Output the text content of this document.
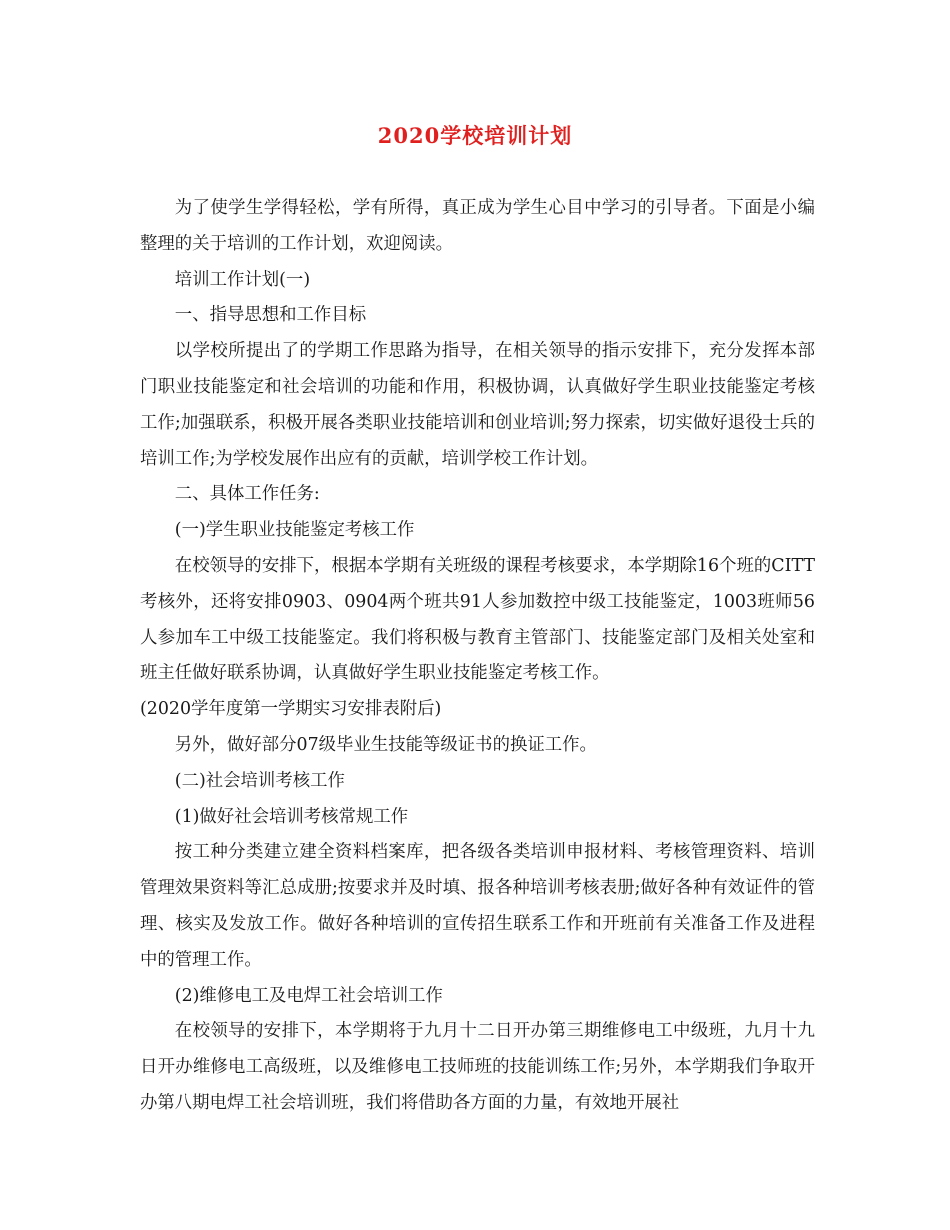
2020学校培训计划

为了使学生学得轻松，学有所得，真正成为学生心目中学习的引导者。下面是小编整理的关于培训的工作计划，欢迎阅读。

培训工作计划(一)

一、指导思想和工作目标

以学校所提出了的学期工作思路为指导，在相关领导的指示安排下，充分发挥本部门职业技能鉴定和社会培训的功能和作用，积极协调，认真做好学生职业技能鉴定考核工作;加强联系，积极开展各类职业技能培训和创业培训;努力探索，切实做好退役士兵的培训工作;为学校发展作出应有的贡献，培训学校工作计划。

二、具体工作任务:

(一)学生职业技能鉴定考核工作

在校领导的安排下，根据本学期有关班级的课程考核要求，本学期除16个班的CITT考核外，还将安排0903、0904两个班共91人参加数控中级工技能鉴定，1003班师56人参加车工中级工技能鉴定。我们将积极与教育主管部门、技能鉴定部门及相关处室和班主任做好联系协调，认真做好学生职业技能鉴定考核工作。

(2020学年度第一学期实习安排表附后)

另外，做好部分07级毕业生技能等级证书的换证工作。

(二)社会培训考核工作

(1)做好社会培训考核常规工作

按工种分类建立建全资料档案库，把各级各类培训申报材料、考核管理资料、培训管理效果资料等汇总成册;按要求并及时填、报各种培训考核表册;做好各种有效证件的管理、核实及发放工作。做好各种培训的宣传招生联系工作和开班前有关准备工作及进程中的管理工作。

(2)维修电工及电焊工社会培训工作

在校领导的安排下，本学期将于九月十二日开办第三期维修电工中级班，九月十九日开办维修电工高级班，以及维修电工技师班的技能训练工作;另外，本学期我们争取开办第八期电焊工社会培训班，我们将借助各方面的力量，有效地开展社
